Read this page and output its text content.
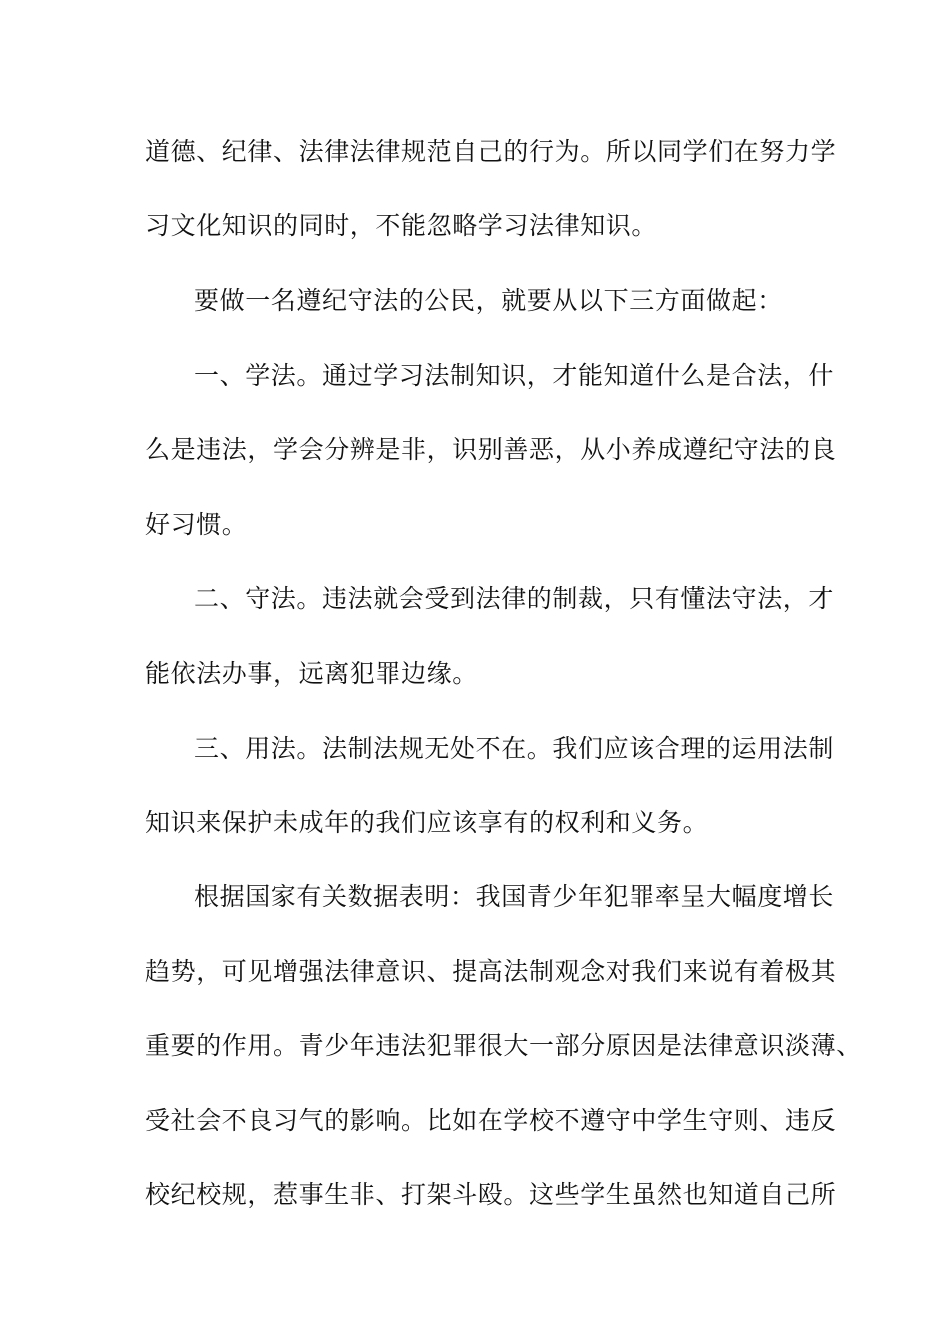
道德、纪律、法律法律规范自己的行为。所以同学们在努力学
习文化知识的同时，不能忽略学习法律知识。
要做一名遵纪守法的公民，就要从以下三方面做起：
一、学法。通过学习法制知识，才能知道什么是合法，什
么是违法，学会分辨是非，识别善恶，从小养成遵纪守法的良
好习惯。
二、守法。违法就会受到法律的制裁，只有懂法守法，才
能依法办事，远离犯罪边缘。
三、用法。法制法规无处不在。我们应该合理的运用法制
知识来保护未成年的我们应该享有的权利和义务。
根据国家有关数据表明：我国青少年犯罪率呈大幅度增长
趋势，可见增强法律意识、提高法制观念对我们来说有着极其
重要的作用。青少年违法犯罪很大一部分原因是法律意识淡薄、
受社会不良习气的影响。比如在学校不遵守中学生守则、违反
校纪校规，惹事生非、打架斗殴。这些学生虽然也知道自己所
